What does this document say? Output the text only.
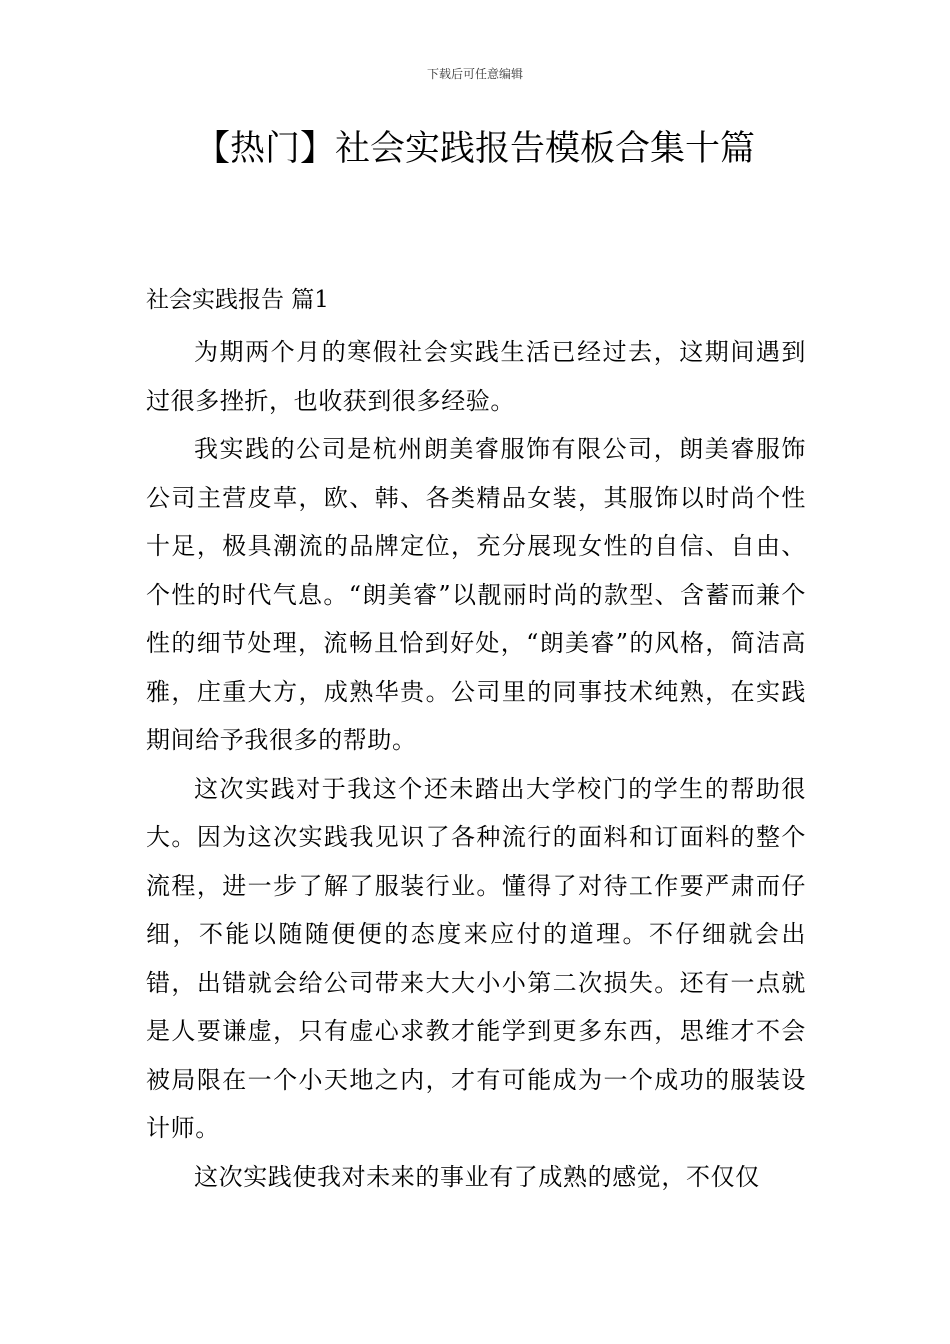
下载后可任意编辑
【热门】社会实践报告模板合集十篇
社会实践报告 篇1

为期两个月的寒假社会实践生活已经过去，这期间遇到过很多挫折，也收获到很多经验。

我实践的公司是杭州朗美睿服饰有限公司，朗美睿服饰公司主营皮草，欧、韩、各类精品女装，其服饰以时尚个性十足，极具潮流的品牌定位，充分展现女性的自信、自由、个性的时代气息。“朗美睿”以靓丽时尚的款型、含蓄而兼个性的细节处理，流畅且恰到好处，“朗美睿”的风格，简洁高雅，庄重大方，成熟华贵。公司里的同事技术纯熟，在实践期间给予我很多的帮助。

这次实践对于我这个还未踏出大学校门的学生的帮助很大。因为这次实践我见识了各种流行的面料和订面料的整个流程，进一步了解了服装行业。懂得了对待工作要严肃而仔细，不能以随随便便的态度来应付的道理。不仔细就会出错，出错就会给公司带来大大小小第二次损失。还有一点就是人要谦虚，只有虚心求教才能学到更多东西，思维才不会被局限在一个小天地之内，才有可能成为一个成功的服装设计师。

这次实践使我对未来的事业有了成熟的感觉，不仅仅
